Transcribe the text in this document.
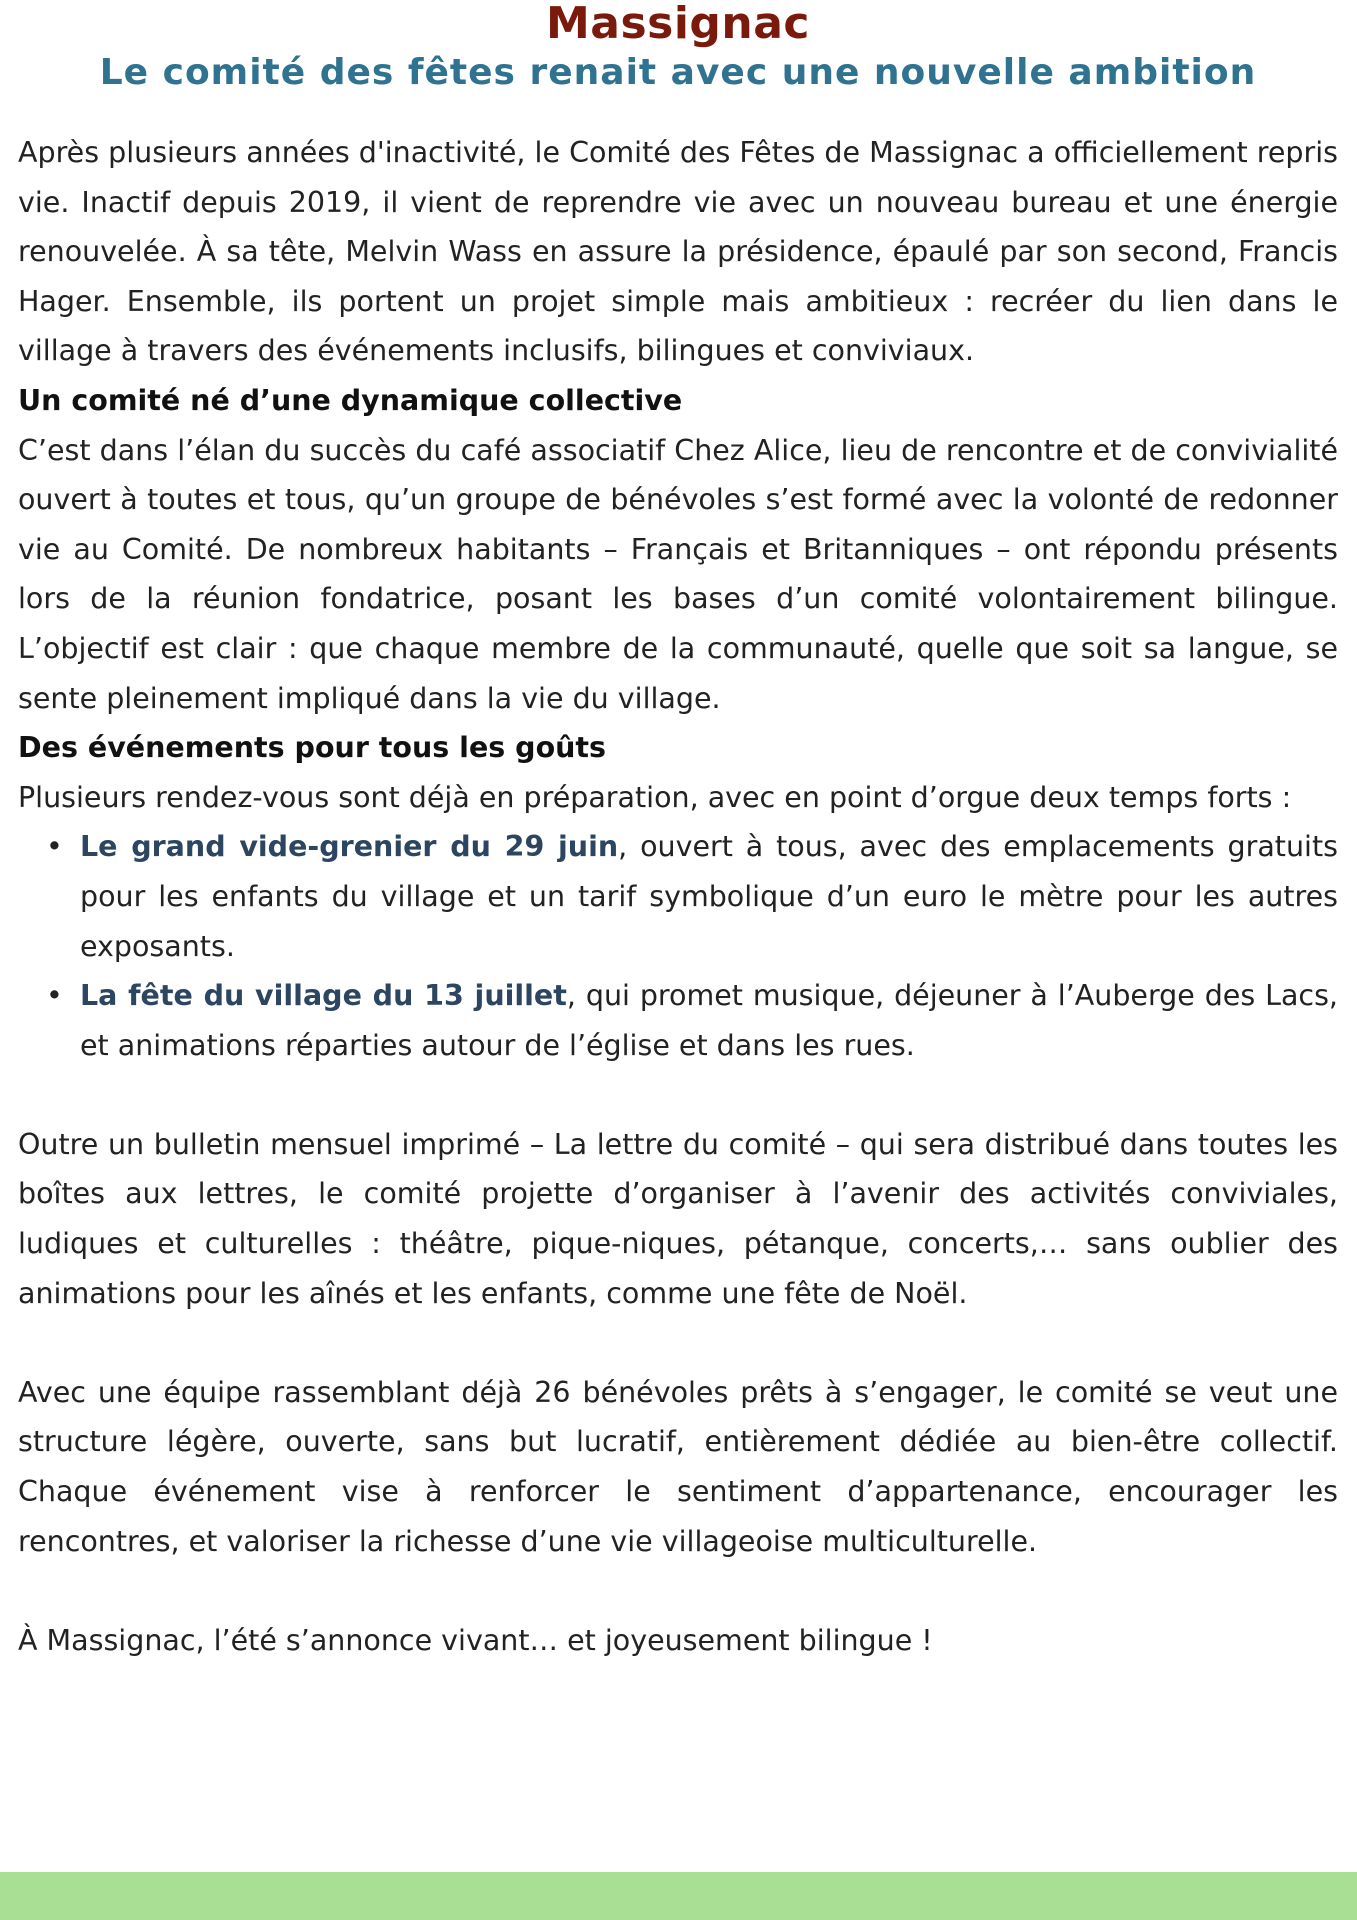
Massignac
Le comité des fêtes renait avec une nouvelle ambition

Après plusieurs années d'inactivité, le Comité des Fêtes de Massignac a officiellement repris vie. Inactif depuis 2019, il vient de reprendre vie avec un nouveau bureau et une énergie renouvelée. À sa tête, Melvin Wass en assure la présidence, épaulé par son second, Francis Hager. Ensemble, ils portent un projet simple mais ambitieux : recréer du lien dans le village à travers des événements inclusifs, bilingues et conviviaux.

Un comité né d’une dynamique collective

C’est dans l’élan du succès du café associatif Chez Alice, lieu de rencontre et de convivialité ouvert à toutes et tous, qu’un groupe de bénévoles s’est formé avec la volonté de redonner vie au Comité. De nombreux habitants – Français et Britanniques – ont répondu présents lors de la réunion fondatrice, posant les bases d’un comité volontairement bilingue. L’objectif est clair : que chaque membre de la communauté, quelle que soit sa langue, se sente pleinement impliqué dans la vie du village.

Des événements pour tous les goûts

Plusieurs rendez-vous sont déjà en préparation, avec en point d’orgue deux temps forts :

• Le grand vide-grenier du 29 juin, ouvert à tous, avec des emplacements gratuits pour les enfants du village et un tarif symbolique d’un euro le mètre pour les autres exposants.
• La fête du village du 13 juillet, qui promet musique, déjeuner à l’Auberge des Lacs, et animations réparties autour de l’église et dans les rues.

Outre un bulletin mensuel imprimé – La lettre du comité – qui sera distribué dans toutes les boîtes aux lettres, le comité projette d’organiser à l’avenir des activités conviviales, ludiques et culturelles : théâtre, pique-niques, pétanque, concerts,… sans oublier des animations pour les aînés et les enfants, comme une fête de Noël.

Avec une équipe rassemblant déjà 26 bénévoles prêts à s’engager, le comité se veut une structure légère, ouverte, sans but lucratif, entièrement dédiée au bien-être collectif. Chaque événement vise à renforcer le sentiment d’appartenance, encourager les rencontres, et valoriser la richesse d’une vie villageoise multiculturelle.

À Massignac, l’été s’annonce vivant… et joyeusement bilingue !
